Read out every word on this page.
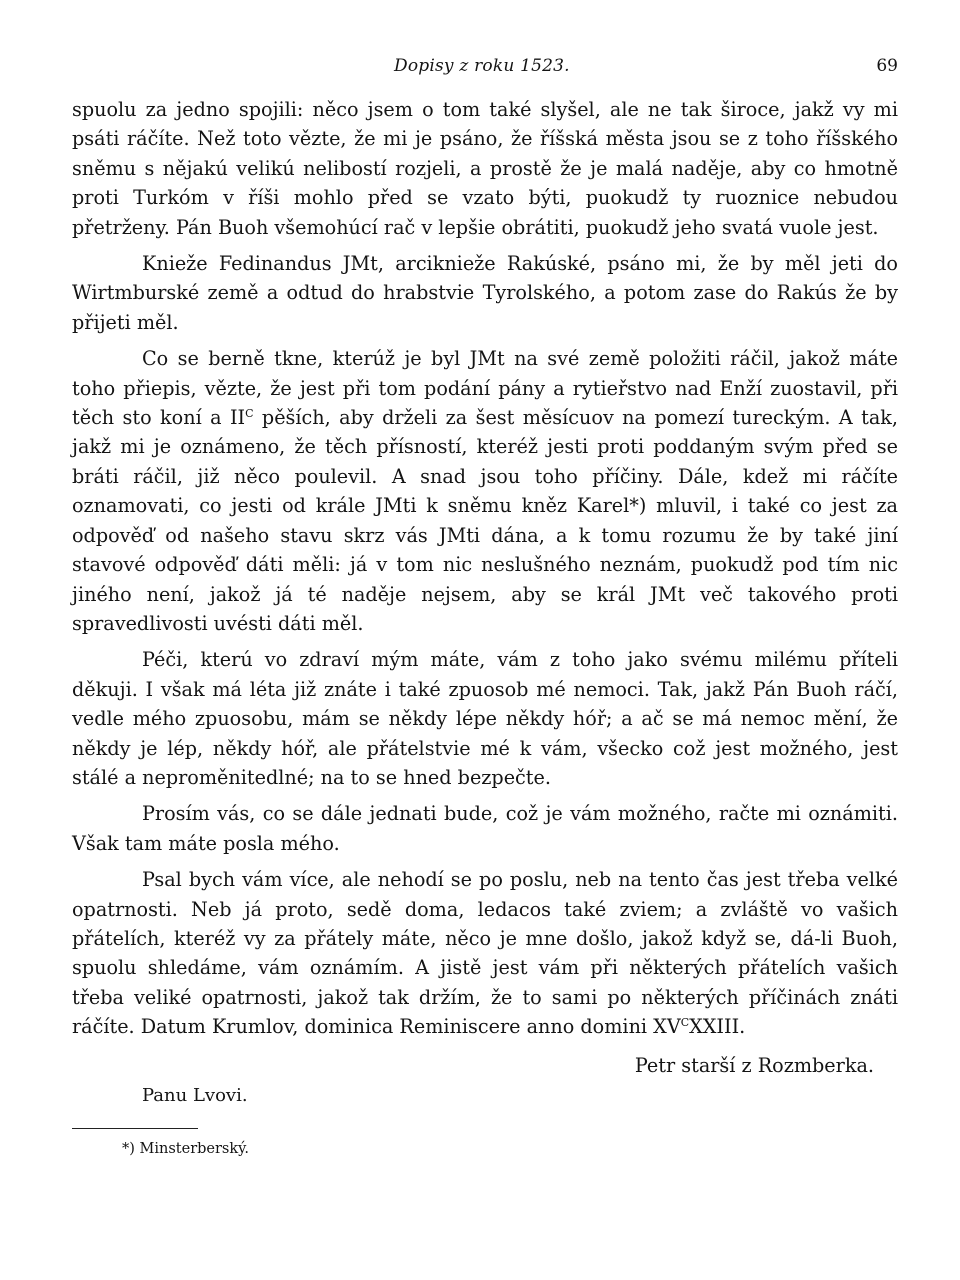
Dopisy z roku 1523.	69

spuolu za jedno spojili: něco jsem o tom také slyšel, ale ne tak široce, jakž vy mi psáti ráčíte. Než toto vězte, že mi je psáno, že říšská města jsou se z toho říšského sněmu s nějakú velikú nelibostí rozjeli, a prostě že je malá naděje, aby co hmotně proti Turkóm v říši mohlo před se vzato býti, puokudž ty ruoznice nebudou přetrženy. Pán Buoh všemohúcí rač v lepšie obrátiti, puokudž jeho svatá vuole jest.

Knieže Fedinandus JMt, arciknieže Rakúské, psáno mi, že by měl jeti do Wirtmburské země a odtud do hrabstvie Tyrolského, a potom zase do Rakús že by přijeti měl.

Co se berně tkne, kterúž je byl JMt na své země položiti ráčil, jakož máte toho přiepis, vězte, že jest při tom podání pány a rytieřstvo nad Enží zuostavil, při těch sto koní a $II^C$ pěších, aby drželi za šest měsícuov na pomezí tureckým. A tak, jakž mi je oznámeno, že těch přísností, kteréž jesti proti poddaným svým před se bráti ráčil, již něco poulevil. A snad jsou toho příčiny. Dále, kdež mi ráčíte oznamovati, co jesti od krále JMti k sněmu kněz Karel*) mluvil, i také co jest za odpověď od našeho stavu skrz vás JMti dána, a k tomu rozumu že by také jiní stavové odpověď dáti měli: já v tom nic neslušného neznám, puokudž pod tím nic jiného není, jakož já té naděje nejsem, aby se král JMt več takového proti spravedlivosti uvésti dáti měl.

Péči, kterú vo zdraví mým máte, vám z toho jako svému milému příteli děkuji. I však má léta již znáte i také zpuosob mé nemoci. Tak, jakž Pán Buoh ráčí, vedle mého zpuosobu, mám se někdy lépe někdy hóř; a ač se má nemoc mění, že někdy je lép, někdy hóř, ale přátelstvie mé k vám, všecko což jest možného, jest stálé a neproměnitedlné; na to se hned bezpečte.

Prosím vás, co se dále jednati bude, což je vám možného, račte mi oznámiti. Však tam máte posla mého.

Psal bych vám více, ale nehodí se po poslu, neb na tento čas jest třeba velké opatrnosti. Neb já proto, sedě doma, ledacos také zviem; a zvláště vo vašich přátelích, kteréž vy za přátely máte, něco je mne došlo, jakož když se, dá-li Buoh, spuolu shledáme, vám oznámím. A jistě jest vám při některých přátelích vašich třeba veliké opatrnosti, jakož tak držím, že to sami po některých příčinách znáti ráčíte. Datum Krumlov, dominica Reminiscere anno domini $XV^CXXIII$.

Petr starší z Rozmberka.
Panu Lvovi.
*) Minsterberský.
